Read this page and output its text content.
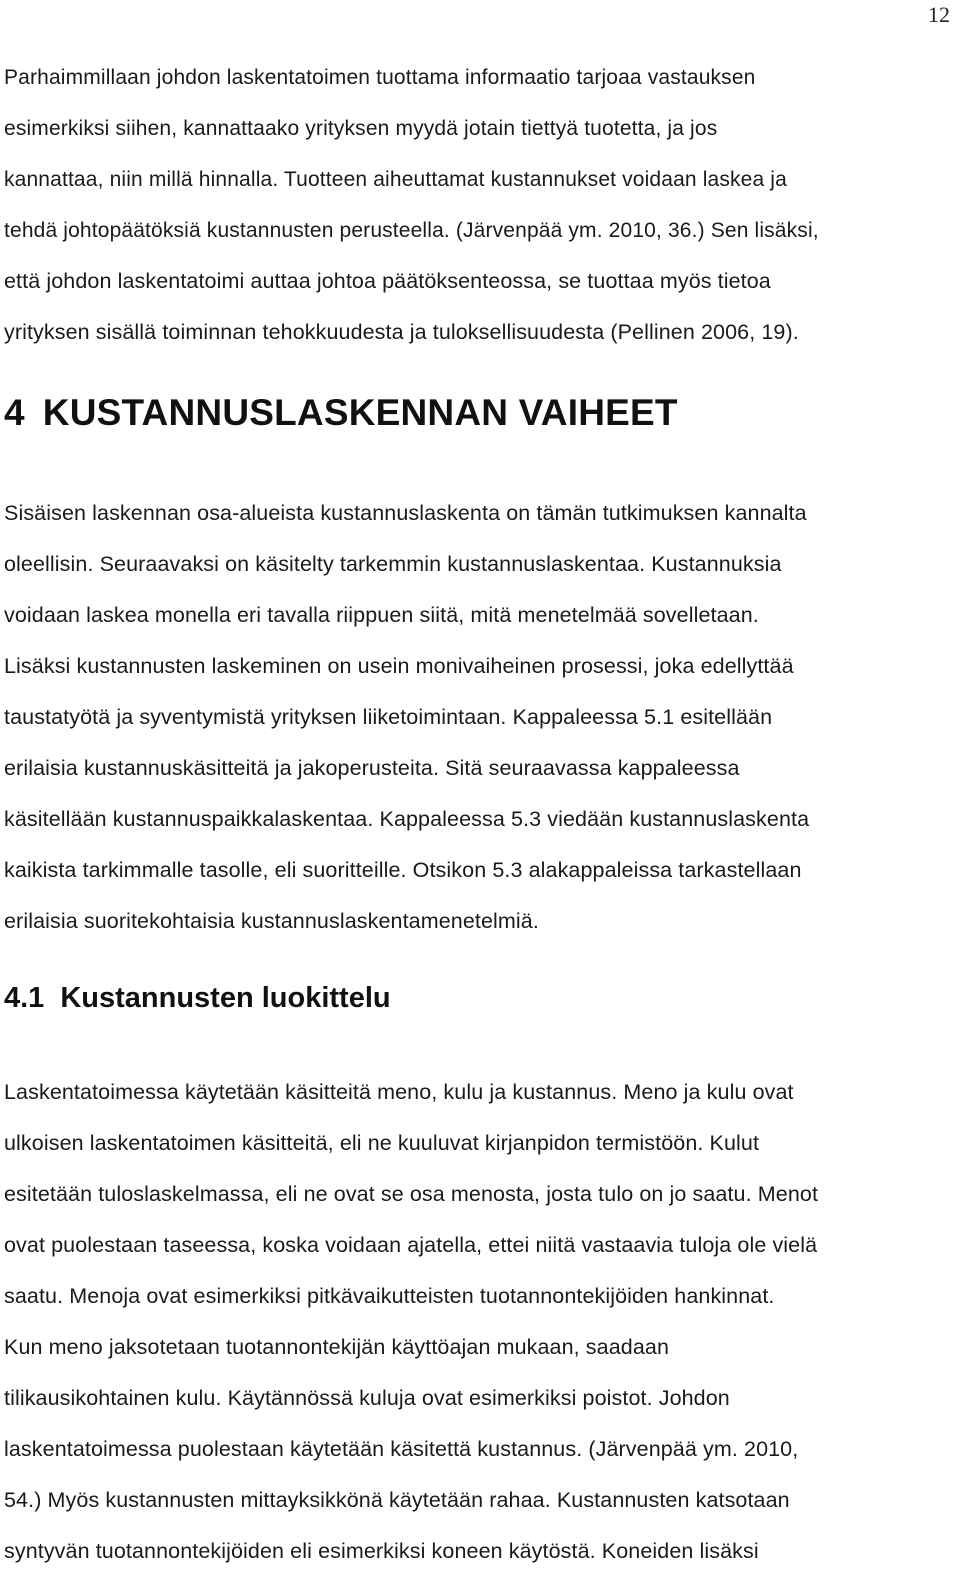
12

Parhaimmillaan johdon laskentatoimen tuottama informaatio tarjoaa vastauksen
esimerkiksi siihen, kannattaako yrityksen myydä jotain tiettyä tuotetta, ja jos
kannattaa, niin millä hinnalla. Tuotteen aiheuttamat kustannukset voidaan laskea ja
tehdä johtopäätöksiä kustannusten perusteella. (Järvenpää ym. 2010, 36.) Sen lisäksi,

että johdon laskentatoimi auttaa johtoa päätöksenteossa, se tuottaa myös tietoa
yrityksen sisällä toiminnan tehokkuudesta ja tuloksellisuudesta (Pellinen 2006, 19).

4 KUSTANNUSLASKENNAN VAIHEET

Sisäisen laskennan osa-alueista kustannuslaskenta on tämän tutkimuksen kannalta
oleellisin. Seuraavaksi on käsitelty tarkemmin kustannuslaskentaa. Kustannuksia
voidaan laskea monella eri tavalla riippuen siitä, mitä menetelmää sovelletaan.
Lisäksi kustannusten laskeminen on usein monivaiheinen prosessi, joka edellyttää
taustatyötä ja syventymistä yrityksen liiketoimintaan. Kappaleessa 5.1 esitellään
erilaisia kustannuskäsitteitä ja jakoperusteita. Sitä seuraavassa kappaleessa
käsitellään kustannuspaikkalaskentaa. Kappaleessa 5.3 viedään kustannuslaskenta
kaikista tarkimmalle tasolle, eli suoritteille. Otsikon 5.3 alakappaleissa tarkastellaan
erilaisia suoritekohtaisia kustannuslaskentamenetelmiä.

4.1 Kustannusten luokittelu

Laskentatoimessa käytetään käsitteitä meno, kulu ja kustannus. Meno ja kulu ovat
ulkoisen laskentatoimen käsitteitä, eli ne kuuluvat kirjanpidon termistöön. Kulut
esitetään tuloslaskelmassa, eli ne ovat se osa menosta, josta tulo on jo saatu. Menot
ovat puolestaan taseessa, koska voidaan ajatella, ettei niitä vastaavia tuloja ole vielä
saatu. Menoja ovat esimerkiksi pitkävaikutteisten tuotannontekijöiden hankinnat.
Kun meno jaksotetaan tuotannontekijän käyttöajan mukaan, saadaan
tilikausikohtainen kulu. Käytännössä kuluja ovat esimerkiksi poistot. Johdon
laskentatoimessa puolestaan käytetään käsitettä kustannus. (Järvenpää ym. 2010,
54.) Myös kustannusten mittayksikkönä käytetään rahaa. Kustannusten katsotaan
syntyvän tuotannontekijöiden eli esimerkiksi koneen käytöstä. Koneiden lisäksi
